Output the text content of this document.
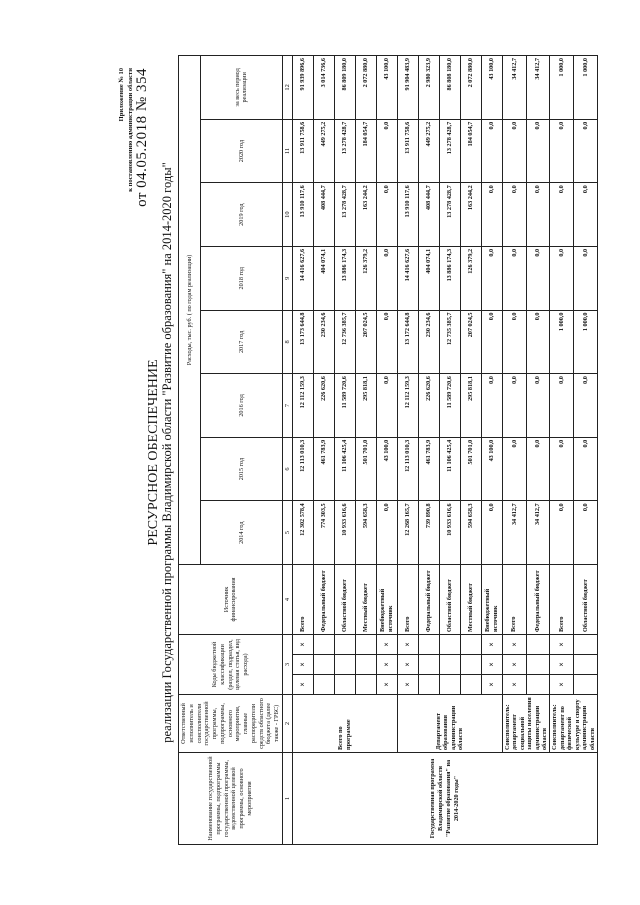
Приложение № 10 к постановлению администрации области от 04.05.2018 № 354
РЕСУРСНОЕ ОБЕСПЕЧЕНИЕ реализации Государственной программы Владимирской области "Развитие образования" на 2014-2020 годы"
Наименование государственной программы, подпрограммы государственной программы, ведомственной целевой программы, основного мероприятия	Ответственный исполнитель и соисполнители государственной программы, подпрограммы, основного мероприятия, главные распорядители средств областного бюджета (далее также - ГРБС)	Коды бюджетной классификации (раздел, подраздел, целевая статья, вид расхода)			Источник финансирования	Расходы, тыс. руб. ( по годам реализации)							
						2014 год	2015 год	2016 год	2017 год	2018 год	2019 год	2020 год	за весь период реализации
1	2	3			4	5	6	7	8	9	10	11	12
Государственная программа Владимирской области "Развитие образования" на 2014-2020 годы"	Всего по программе	×	×	×	Всего	12 302 578,4	12 113 010,3	12 112 159,3	13 173 644,8	14 416 627,6	13 910 117,6	13 911 758,6	91 939 896,6
					Федеральный бюджет	774 303,5	461 783,9	226 620,6	230 234,6	404 074,1	408 444,7	449 275,2	3 014 736,6
					Областной бюджет	10 933 616,6	11 106 425,4	11 589 720,6	12 736 385,7	13 886 174,3	13 278 428,7	13 278 428,7	86 809 180,0
					Местный бюджет	594 658,3	501 701,0	295 818,1	207 024,5	126 379,2	163 244,2	184 054,7	2 072 880,0
		×	×	×	Внебюджетный источник	0,0	43 100,0	0,0	0,0	0,0	0,0	0,0	43 100,0
	Департамент образования администрации области	×	×	×	Всего	12 268 165,7	12 113 010,3	12 112 159,3	13 172 644,8	14 416 627,6	13 910 117,6	13 911 758,6	91 904 483,9
					Федеральный бюджет	739 890,8	461 783,9	226 620,6	230 234,6	404 074,1	408 444,7	449 275,2	2 980 323,9
					Областной бюджет	10 933 616,6	11 106 425,4	11 589 720,6	12 735 385,7	13 886 174,3	13 278 428,7	13 278 428,7	86 808 180,0
					Местный бюджет	594 658,3	501 701,0	295 818,1	207 024,5	126 379,2	163 244,2	184 054,7	2 072 880,0
		×	×	×	Внебюджетный источник	0,0	43 100,0	0,0	0,0	0,0	0,0	0,0	43 100,0
	Соисполнитель: департамент социальной защиты населения администрации области	×	×	×	Всего	34 412,7	0,0	0,0	0,0	0,0	0,0	0,0	34 412,7
					Федеральный бюджет	34 412,7	0,0	0,0	0,0	0,0	0,0	0,0	34 412,7
	Соисполнитель: департамент по физической культуре и спорту администрации области	×	×	×	Всего	0,0	0,0	0,0	1 000,0	0,0	0,0	0,0	1 000,0
					Областной бюджет	0,0	0,0	0,0	1 000,0	0,0	0,0	0,0	1 000,0
